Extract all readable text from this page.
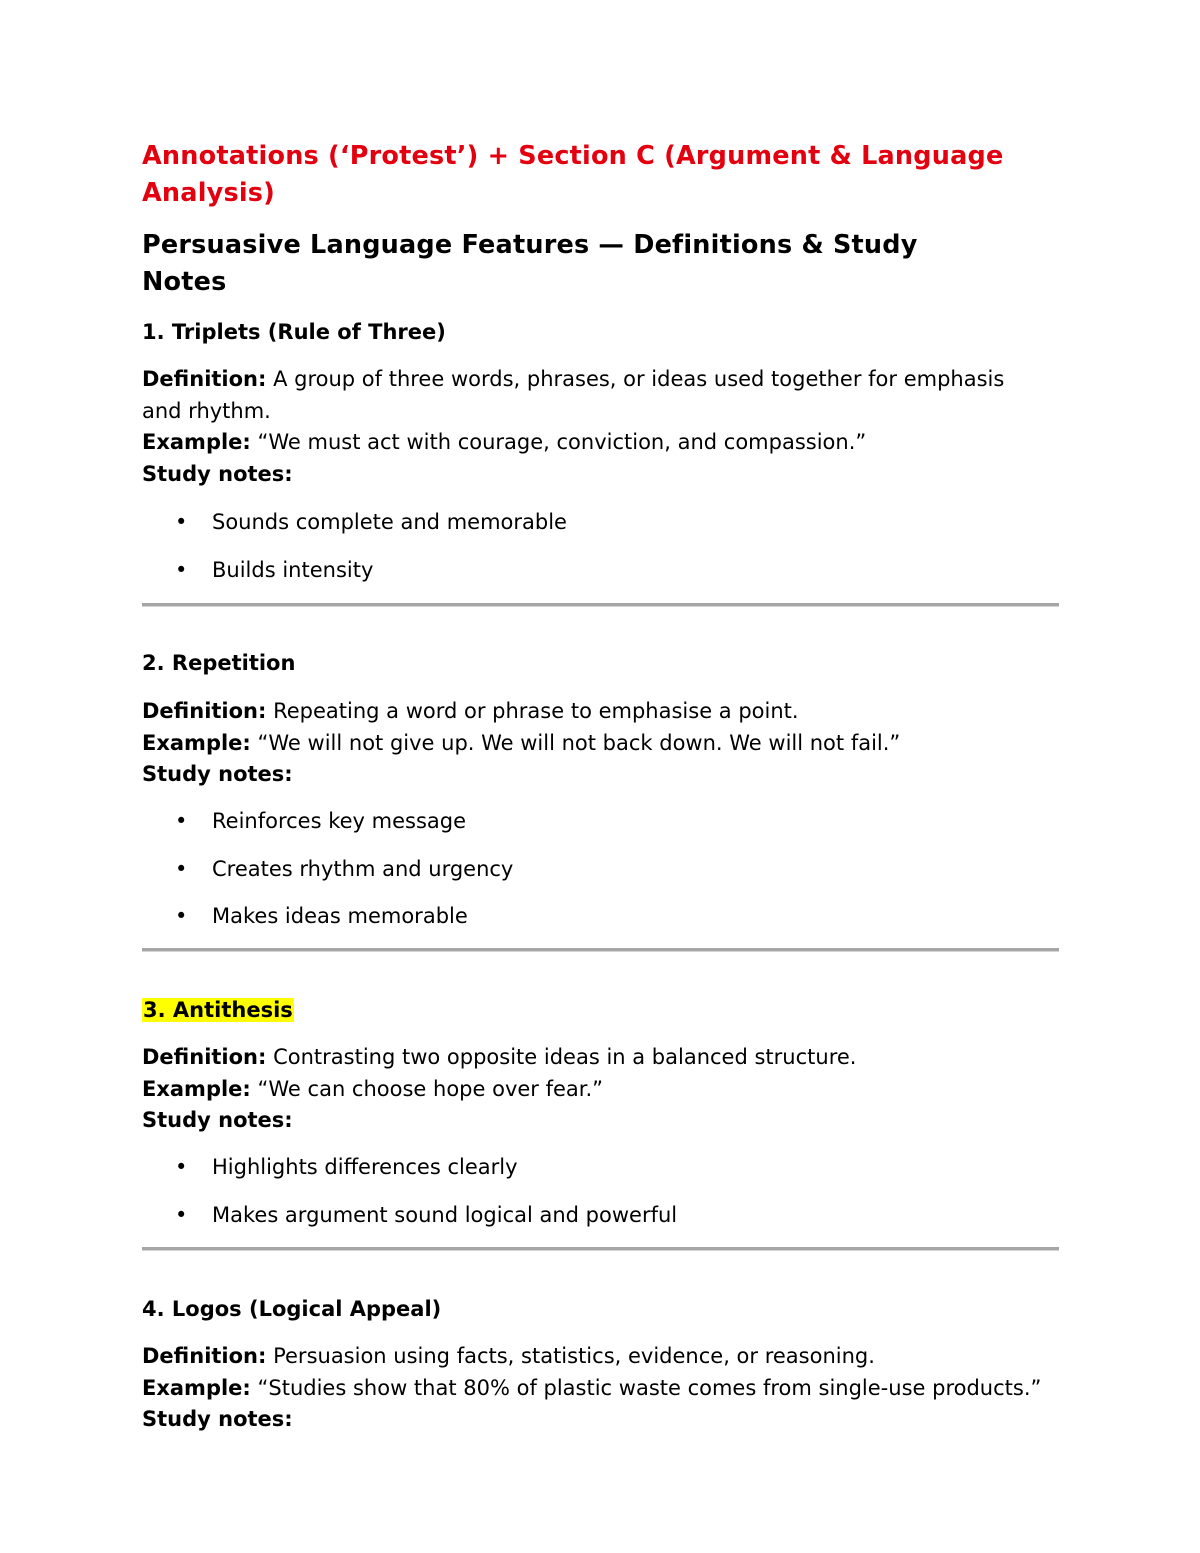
Annotations (‘Protest’) + Section C (Argument & Language Analysis)
Persuasive Language Features — Definitions & Study Notes
1. Triplets (Rule of Three)

Definition: A group of three words, phrases, or ideas used together for emphasis and rhythm.
Example: “We must act with courage, conviction, and compassion.”
Study notes:

• Sounds complete and memorable
• Builds intensity
2. Repetition

Definition: Repeating a word or phrase to emphasise a point.
Example: “We will not give up. We will not back down. We will not fail.”
Study notes:

• Reinforces key message
• Creates rhythm and urgency
• Makes ideas memorable
3. Antithesis

Definition: Contrasting two opposite ideas in a balanced structure.
Example: “We can choose hope over fear.”
Study notes:

• Highlights differences clearly
• Makes argument sound logical and powerful
4. Logos (Logical Appeal)

Definition: Persuasion using facts, statistics, evidence, or reasoning.
Example: “Studies show that 80% of plastic waste comes from single-use products.”
Study notes:
